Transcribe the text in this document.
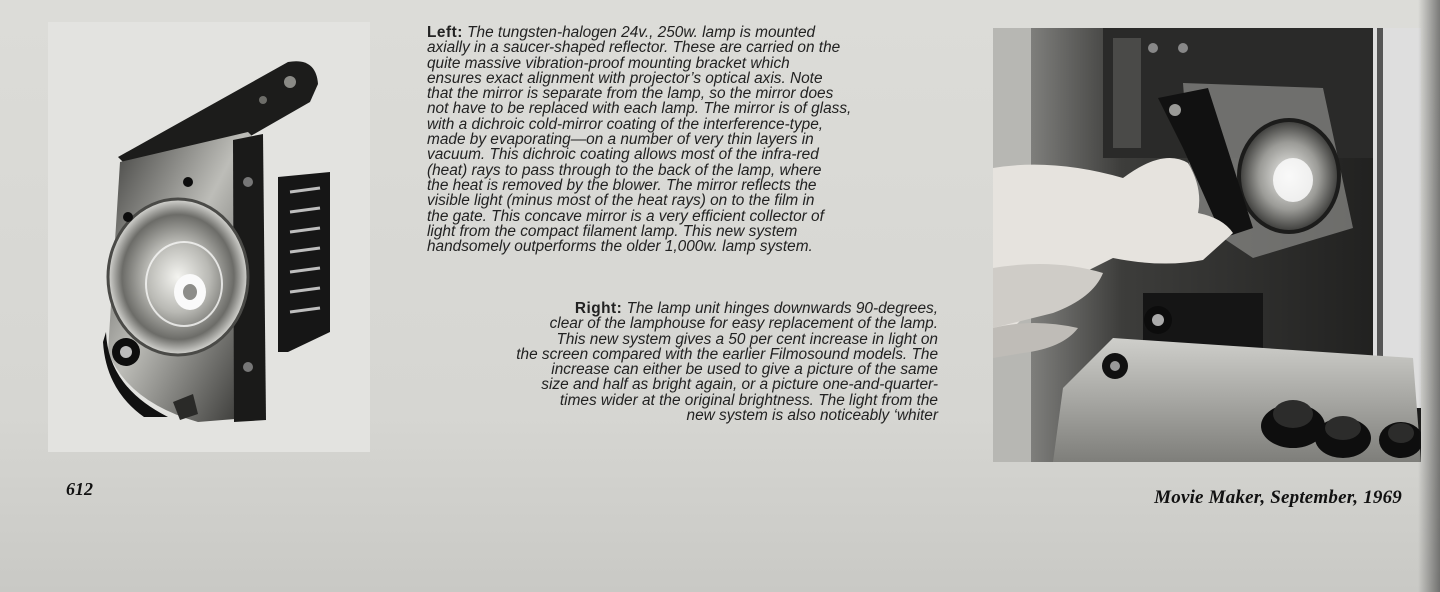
Left: The tungsten-halogen 24v., 250w. lamp is mounted
axially in a saucer-shaped reflector. These are carried on the
quite massive vibration-proof mounting bracket which
ensures exact alignment with projector’s optical axis. Note
that the mirror is separate from the lamp, so the mirror does
not have to be replaced with each lamp. The mirror is of glass,
with a dichroic cold-mirror coating of the interference-type,
made by evaporating—on a number of very thin layers in
vacuum. This dichroic coating allows most of the infra-red
(heat) rays to pass through to the back of the lamp, where
the heat is removed by the blower. The mirror reflects the
visible light (minus most of the heat rays) on to the film in
the gate. This concave mirror is a very efficient collector of
light from the compact filament lamp. This new system
handsomely outperforms the older 1,000w. lamp system.
Right: The lamp unit hinges downwards 90-degrees,
clear of the lamphouse for easy replacement of the lamp.
This new system gives a 50 per cent increase in light on
the screen compared with the earlier Filmosound models. The
increase can either be used to give a picture of the same
size and half as bright again, or a picture one-and-quarter-
times wider at the original brightness. The light from the
new system is also noticeably ‘whiter
612	Movie Maker, September, 1969
